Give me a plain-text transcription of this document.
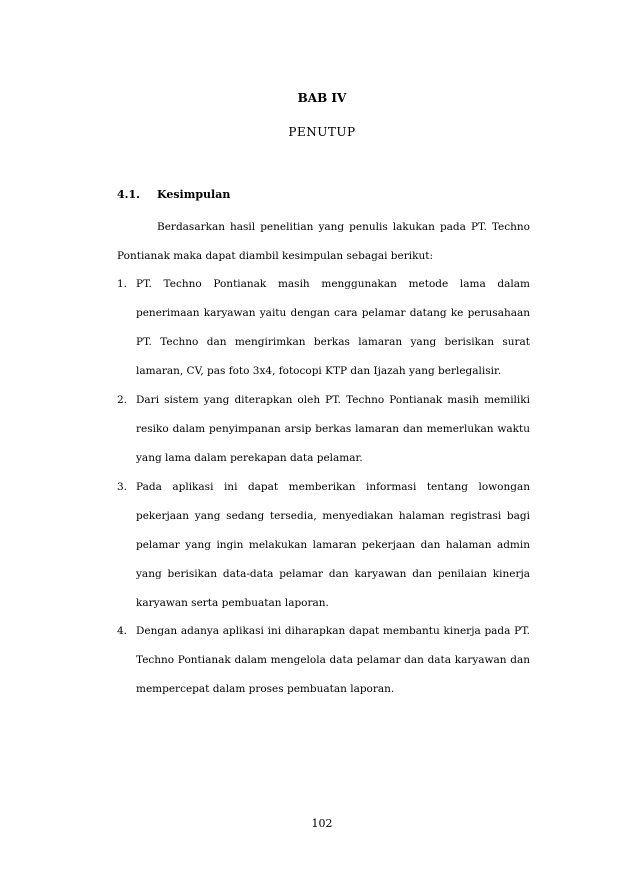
BAB IV
PENUTUP
4.1. Kesimpulan
Berdasarkan hasil penelitian yang penulis lakukan pada PT. Techno Pontianak maka dapat diambil kesimpulan sebagai berikut:
1. PT. Techno Pontianak masih menggunakan metode lama dalam penerimaan karyawan yaitu dengan cara pelamar datang ke perusahaan PT. Techno dan mengirimkan berkas lamaran yang berisikan surat lamaran, CV, pas foto 3x4, fotocopi KTP dan Ijazah yang berlegalisir.
2. Dari sistem yang diterapkan oleh PT. Techno Pontianak masih memiliki resiko dalam penyimpanan arsip berkas lamaran dan memerlukan waktu yang lama dalam perekapan data pelamar.
3. Pada aplikasi ini dapat memberikan informasi tentang lowongan pekerjaan yang sedang tersedia, menyediakan halaman registrasi bagi pelamar yang ingin melakukan lamaran pekerjaan dan halaman admin yang berisikan data-data pelamar dan karyawan dan penilaian kinerja karyawan serta pembuatan laporan.
4. Dengan adanya aplikasi ini diharapkan dapat membantu kinerja pada PT. Techno Pontianak dalam mengelola data pelamar dan data karyawan dan mempercepat dalam proses pembuatan laporan.
102
